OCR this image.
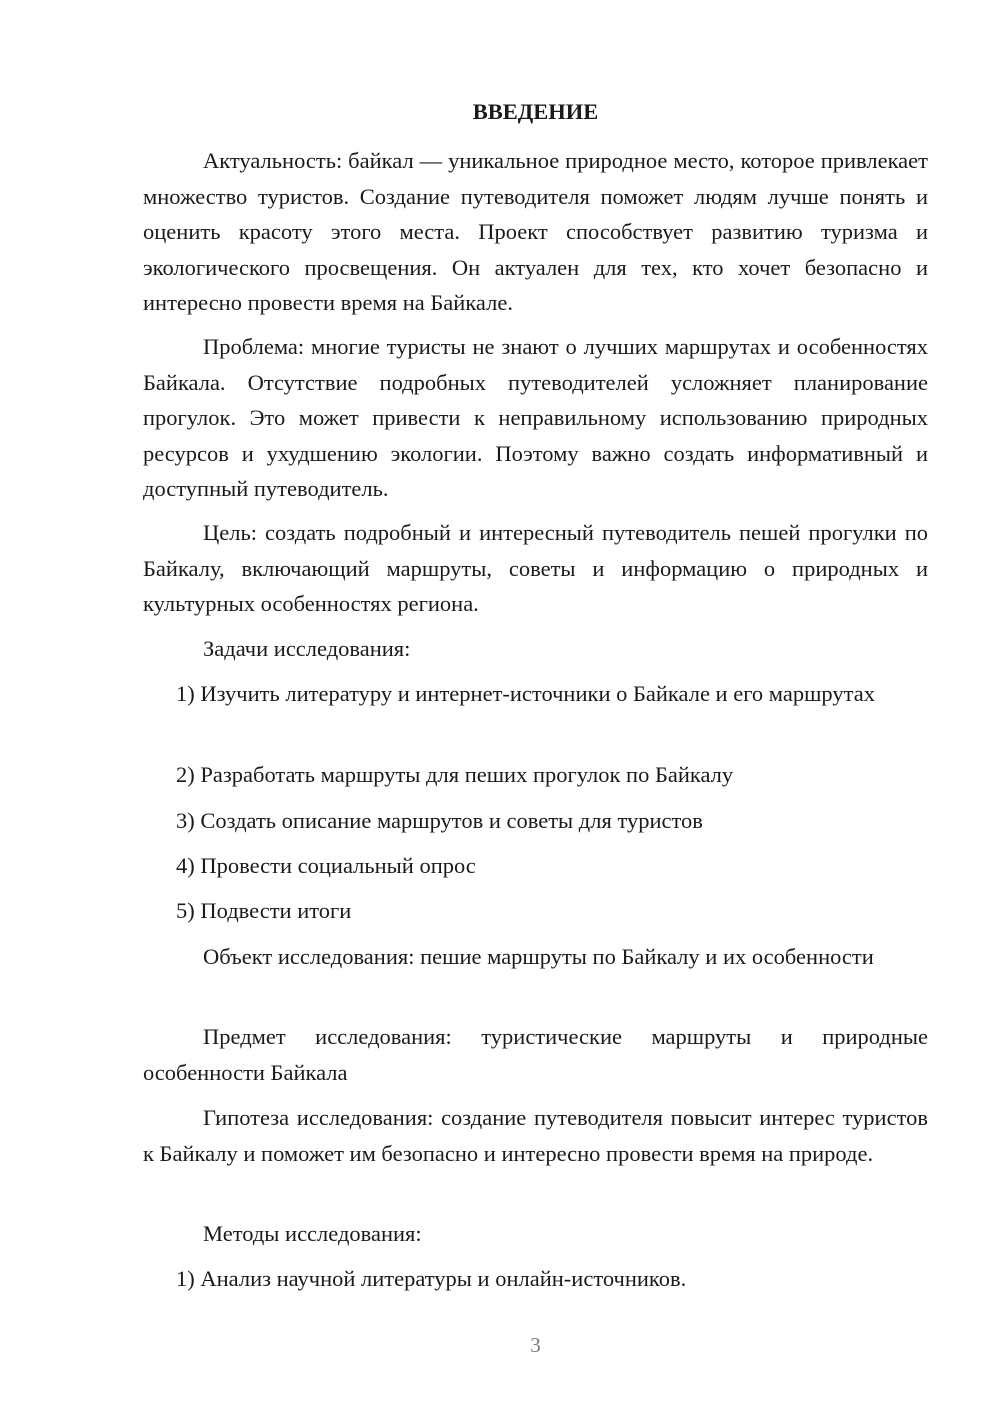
ВВЕДЕНИЕ
Актуальность: байкал — уникальное природное место, которое привлекает множество туристов. Создание путеводителя поможет людям лучше понять и оценить красоту этого места. Проект способствует развитию туризма и экологического просвещения. Он актуален для тех, кто хочет безопасно и интересно провести время на Байкале.
Проблема: многие туристы не знают о лучших маршрутах и особенностях Байкала. Отсутствие подробных путеводителей усложняет планирование прогулок. Это может привести к неправильному использованию природных ресурсов и ухудшению экологии. Поэтому важно создать информативный и доступный путеводитель.
Цель: создать подробный и интересный путеводитель пешей прогулки по Байкалу, включающий маршруты, советы и информацию о природных и культурных особенностях региона.
Задачи исследования:
1) Изучить литературу и интернет-источники о Байкале и его маршрутах
2) Разработать маршруты для пеших прогулок по Байкалу
3) Создать описание маршрутов и советы для туристов
4) Провести социальный опрос
5) Подвести итоги
Объект исследования: пешие маршруты по Байкалу и их особенности
Предмет исследования: туристические маршруты и природные особенности Байкала
Гипотеза исследования: создание путеводителя повысит интерес туристов к Байкалу и поможет им безопасно и интересно провести время на природе.
Методы исследования:
1) Анализ научной литературы и онлайн-источников.
3
